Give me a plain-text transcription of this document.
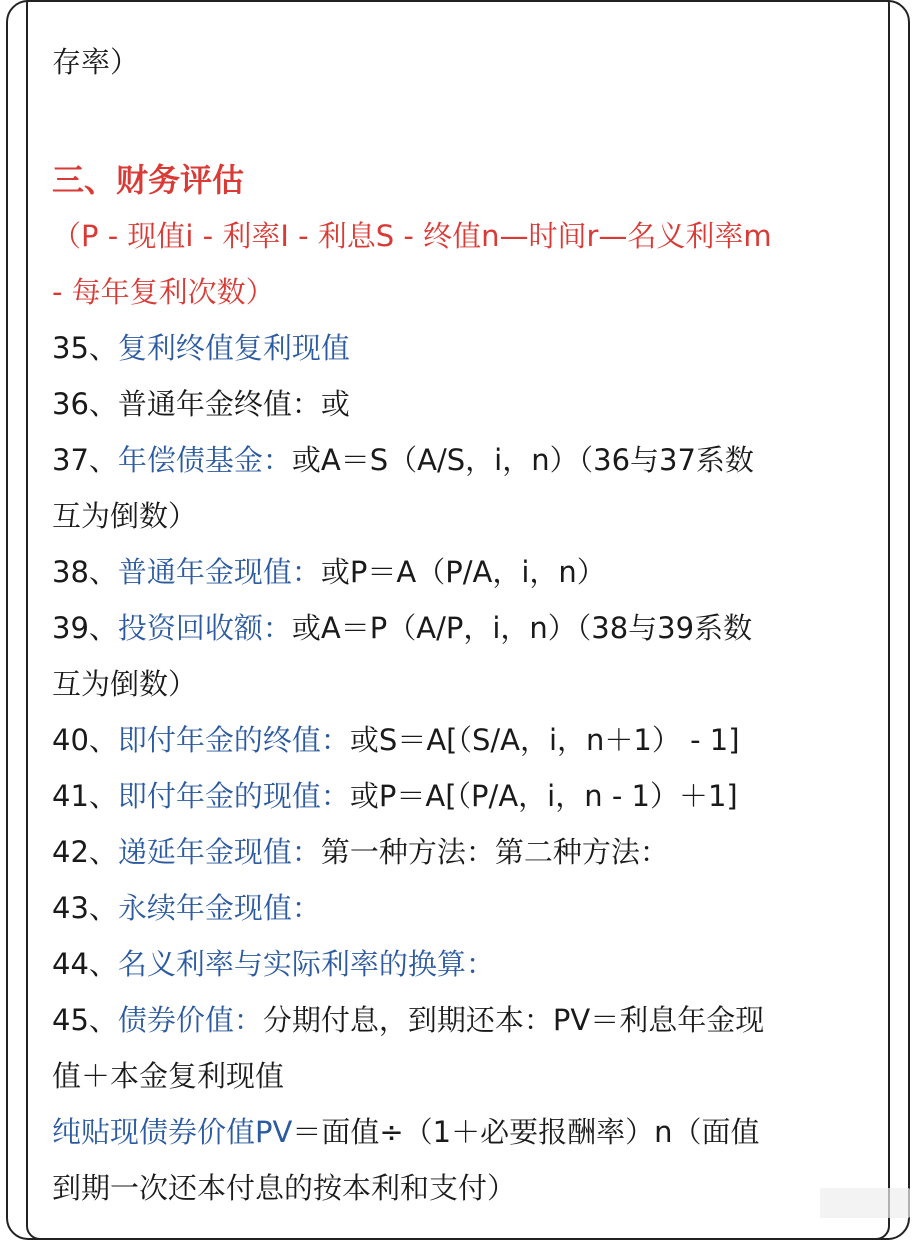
存率）
三、财务评估
（P - 现值i - 利率I - 利息S - 终值n—时间r—名义利率m
- 每年复利次数）
35、复利终值复利现值
36、普通年金终值：或
37、年偿债基金：或A＝S（A/S，i，n）（36与37系数
互为倒数）
38、普通年金现值：或P＝A（P/A，i，n）
39、投资回收额：或A＝P（A/P，i，n）（38与39系数
互为倒数）
40、即付年金的终值：或S＝A[（S/A，i，n＋1） - 1]
41、即付年金的现值：或P＝A[（P/A，i，n - 1）＋1]
42、递延年金现值：第一种方法：第二种方法：
43、永续年金现值：
44、名义利率与实际利率的换算：
45、债券价值：分期付息，到期还本：PV＝利息年金现
值＋本金复利现值
纯贴现债券价值PV＝面值÷（1＋必要报酬率）n（面值
到期一次还本付息的按本利和支付）
